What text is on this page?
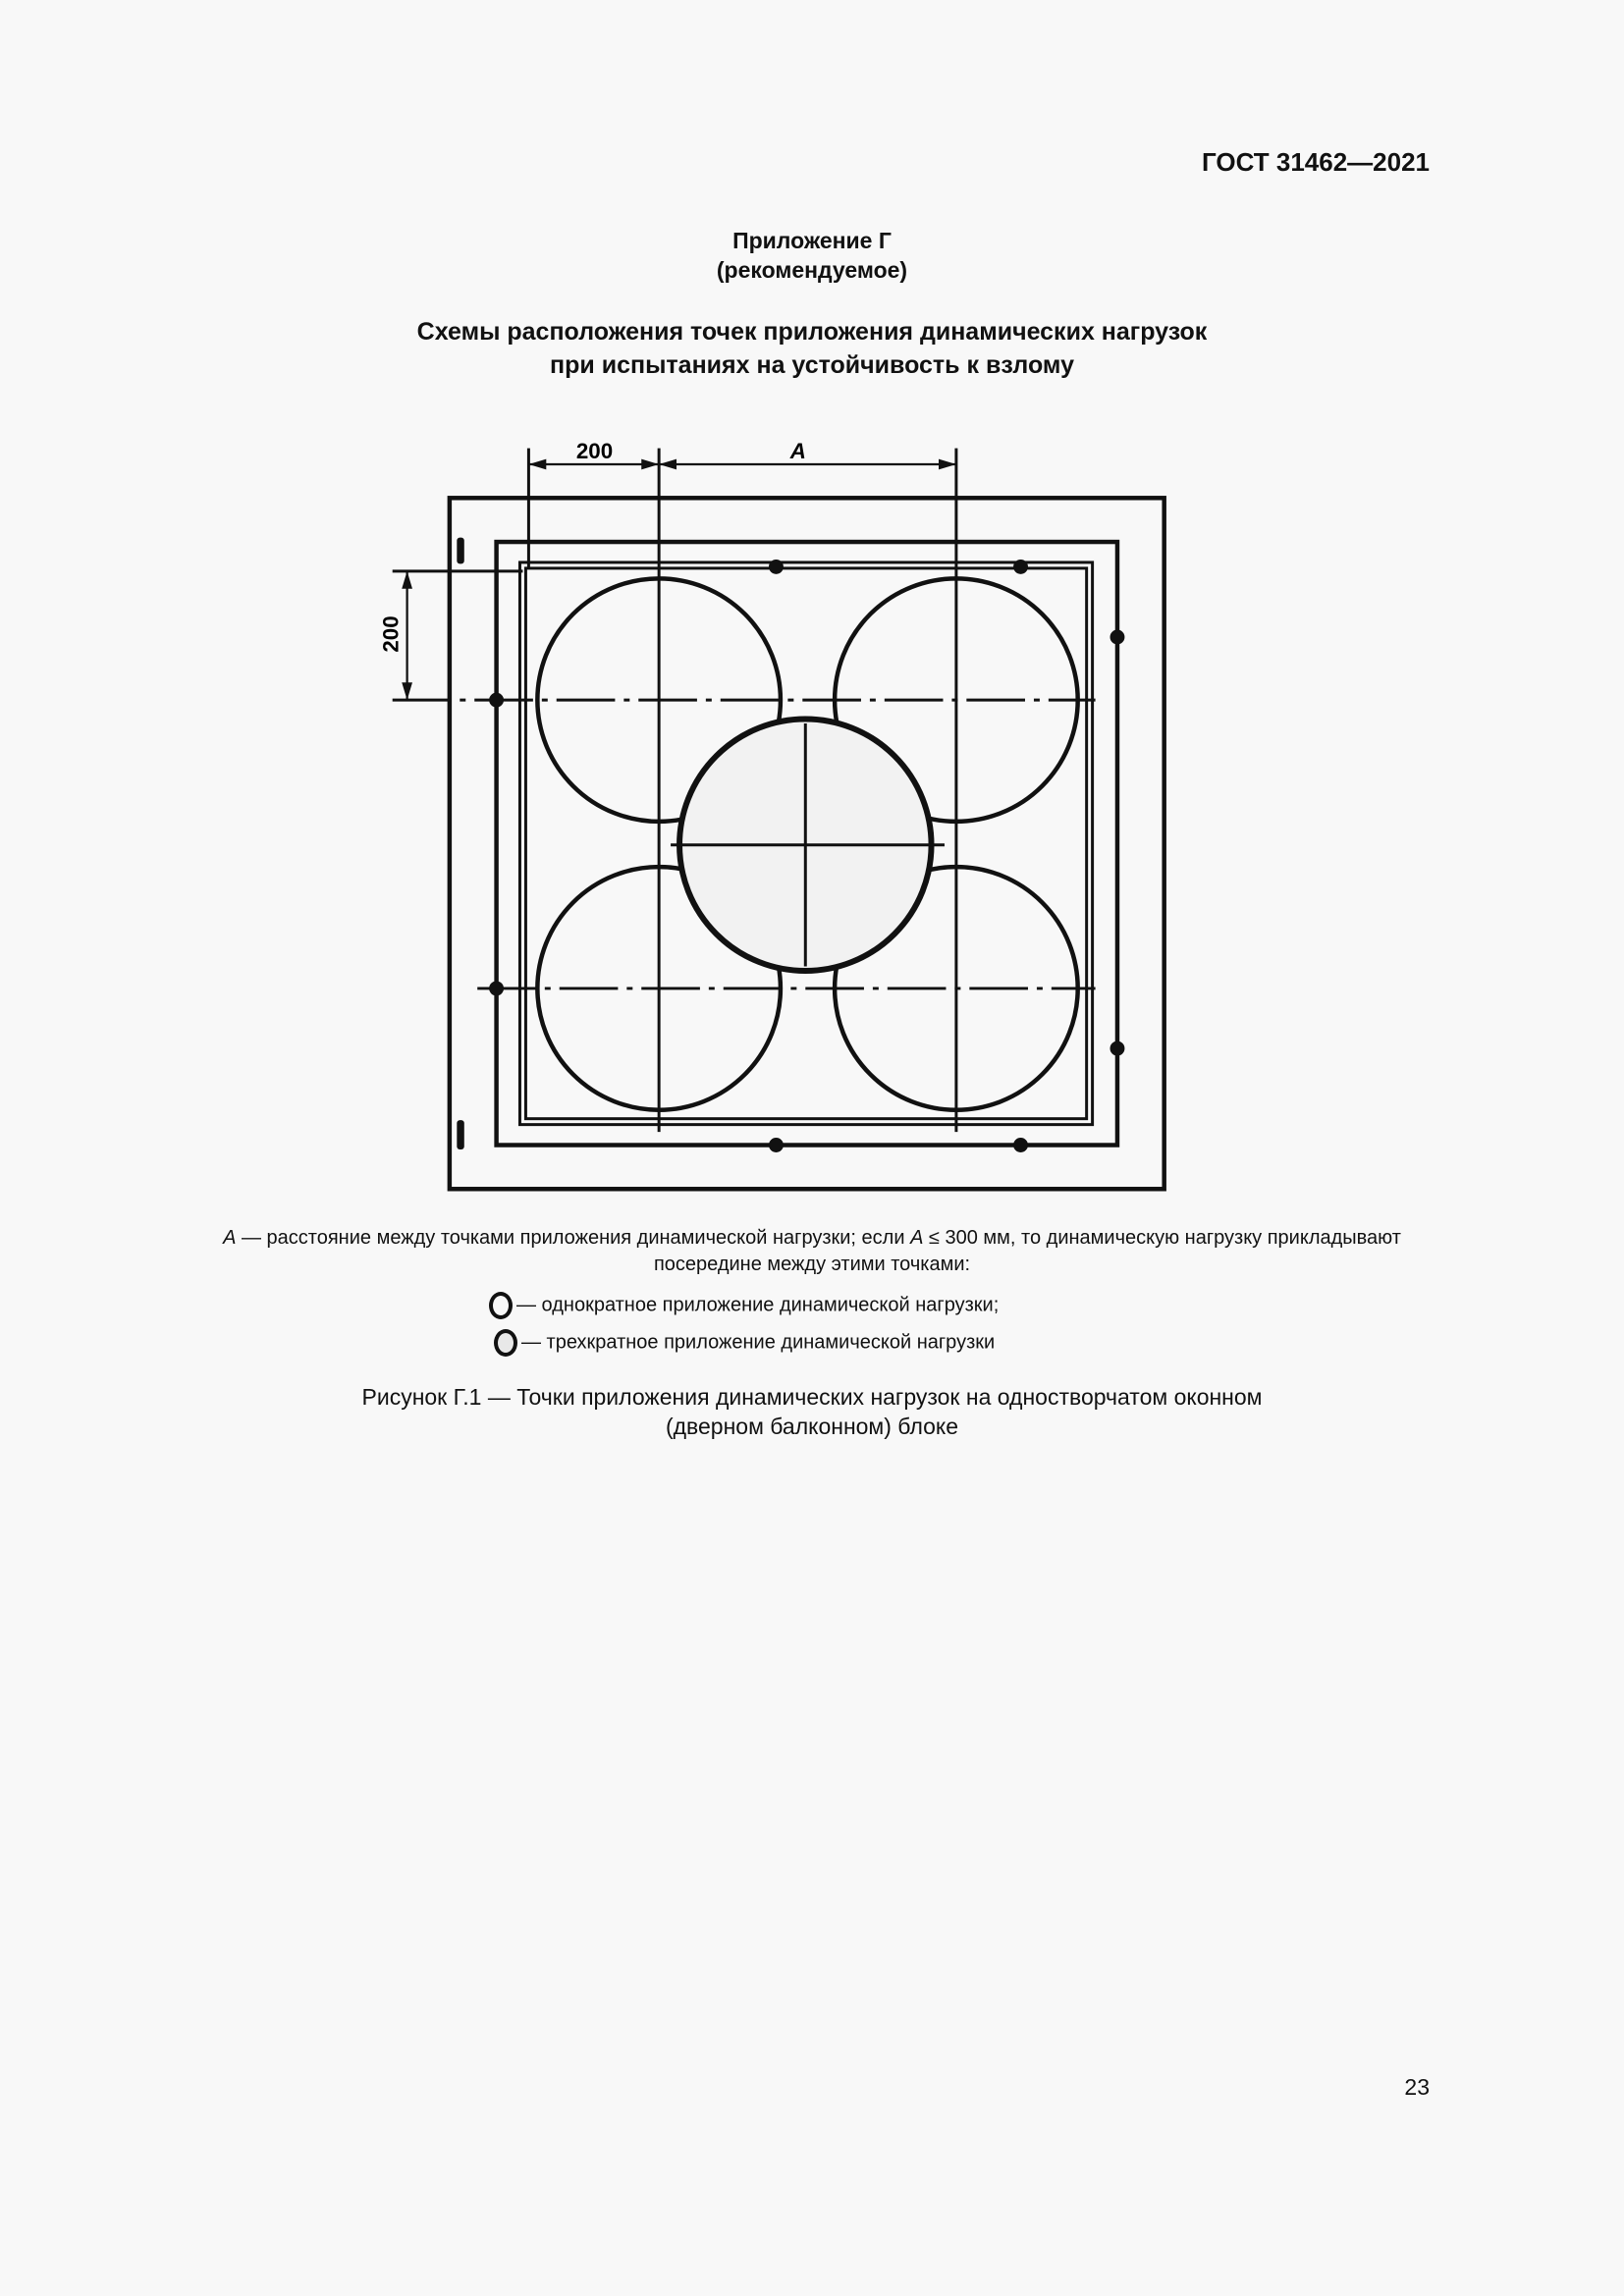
ГОСТ 31462—2021
Приложение Г
(рекомендуемое)
Схемы расположения точек приложения динамических нагрузок
при испытаниях на устойчивость к взлому
200	A
200
A — расстояние между точками приложения динамической нагрузки; если A ≤ 300 мм, то динамическую нагрузку прикладывают
посередине между этими точками:
— однократное приложение динамической нагрузки;
— трехкратное приложение динамической нагрузки
Рисунок Г.1 — Точки приложения динамических нагрузок на одностворчатом оконном
(дверном балконном) блоке
23
